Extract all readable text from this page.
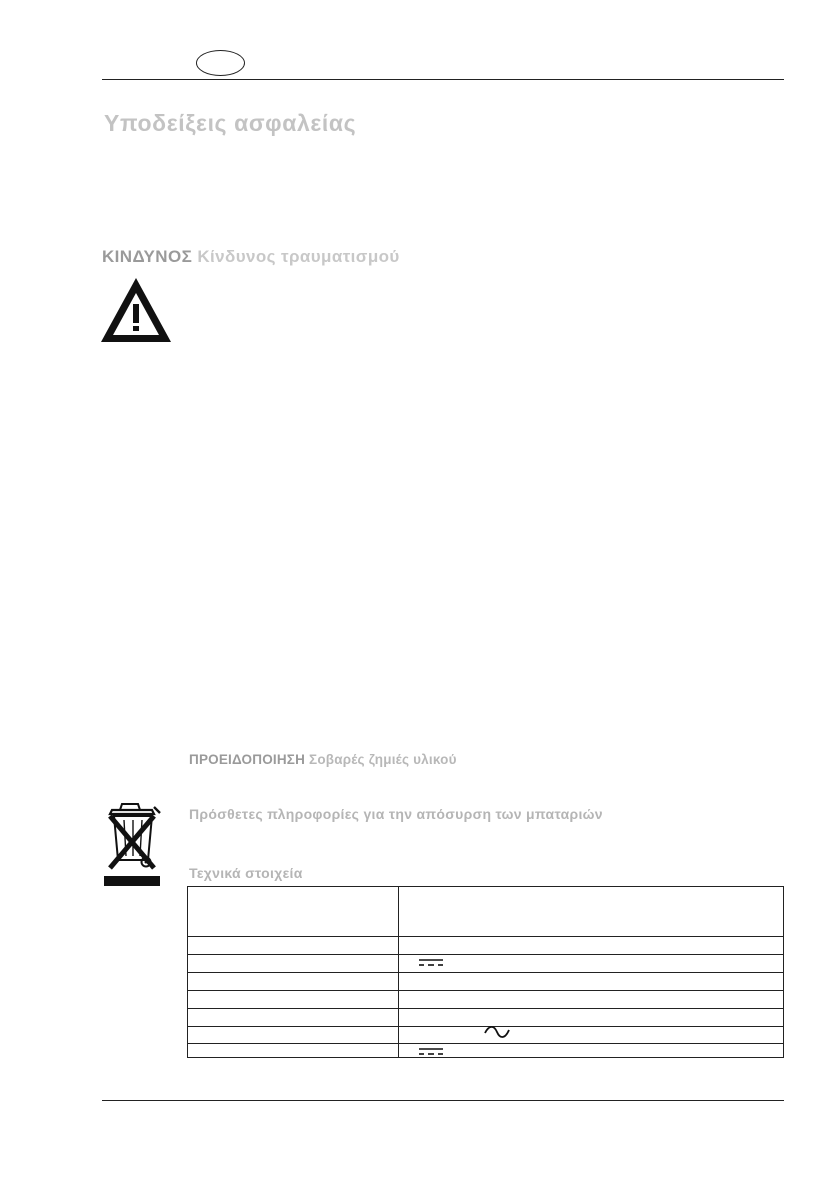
Υποδείξεις ασφαλείας
ΚΙΝΔΥΝΟΣ Κίνδυνος τραυματισμού
ΠΡΟΕΙΔΟΠΟΙΗΣΗ Σοβαρές ζημιές υλικού
Πρόσθετες πληροφορίες για την απόσυρση των μπαταριών
Τεχνικά στοιχεία
